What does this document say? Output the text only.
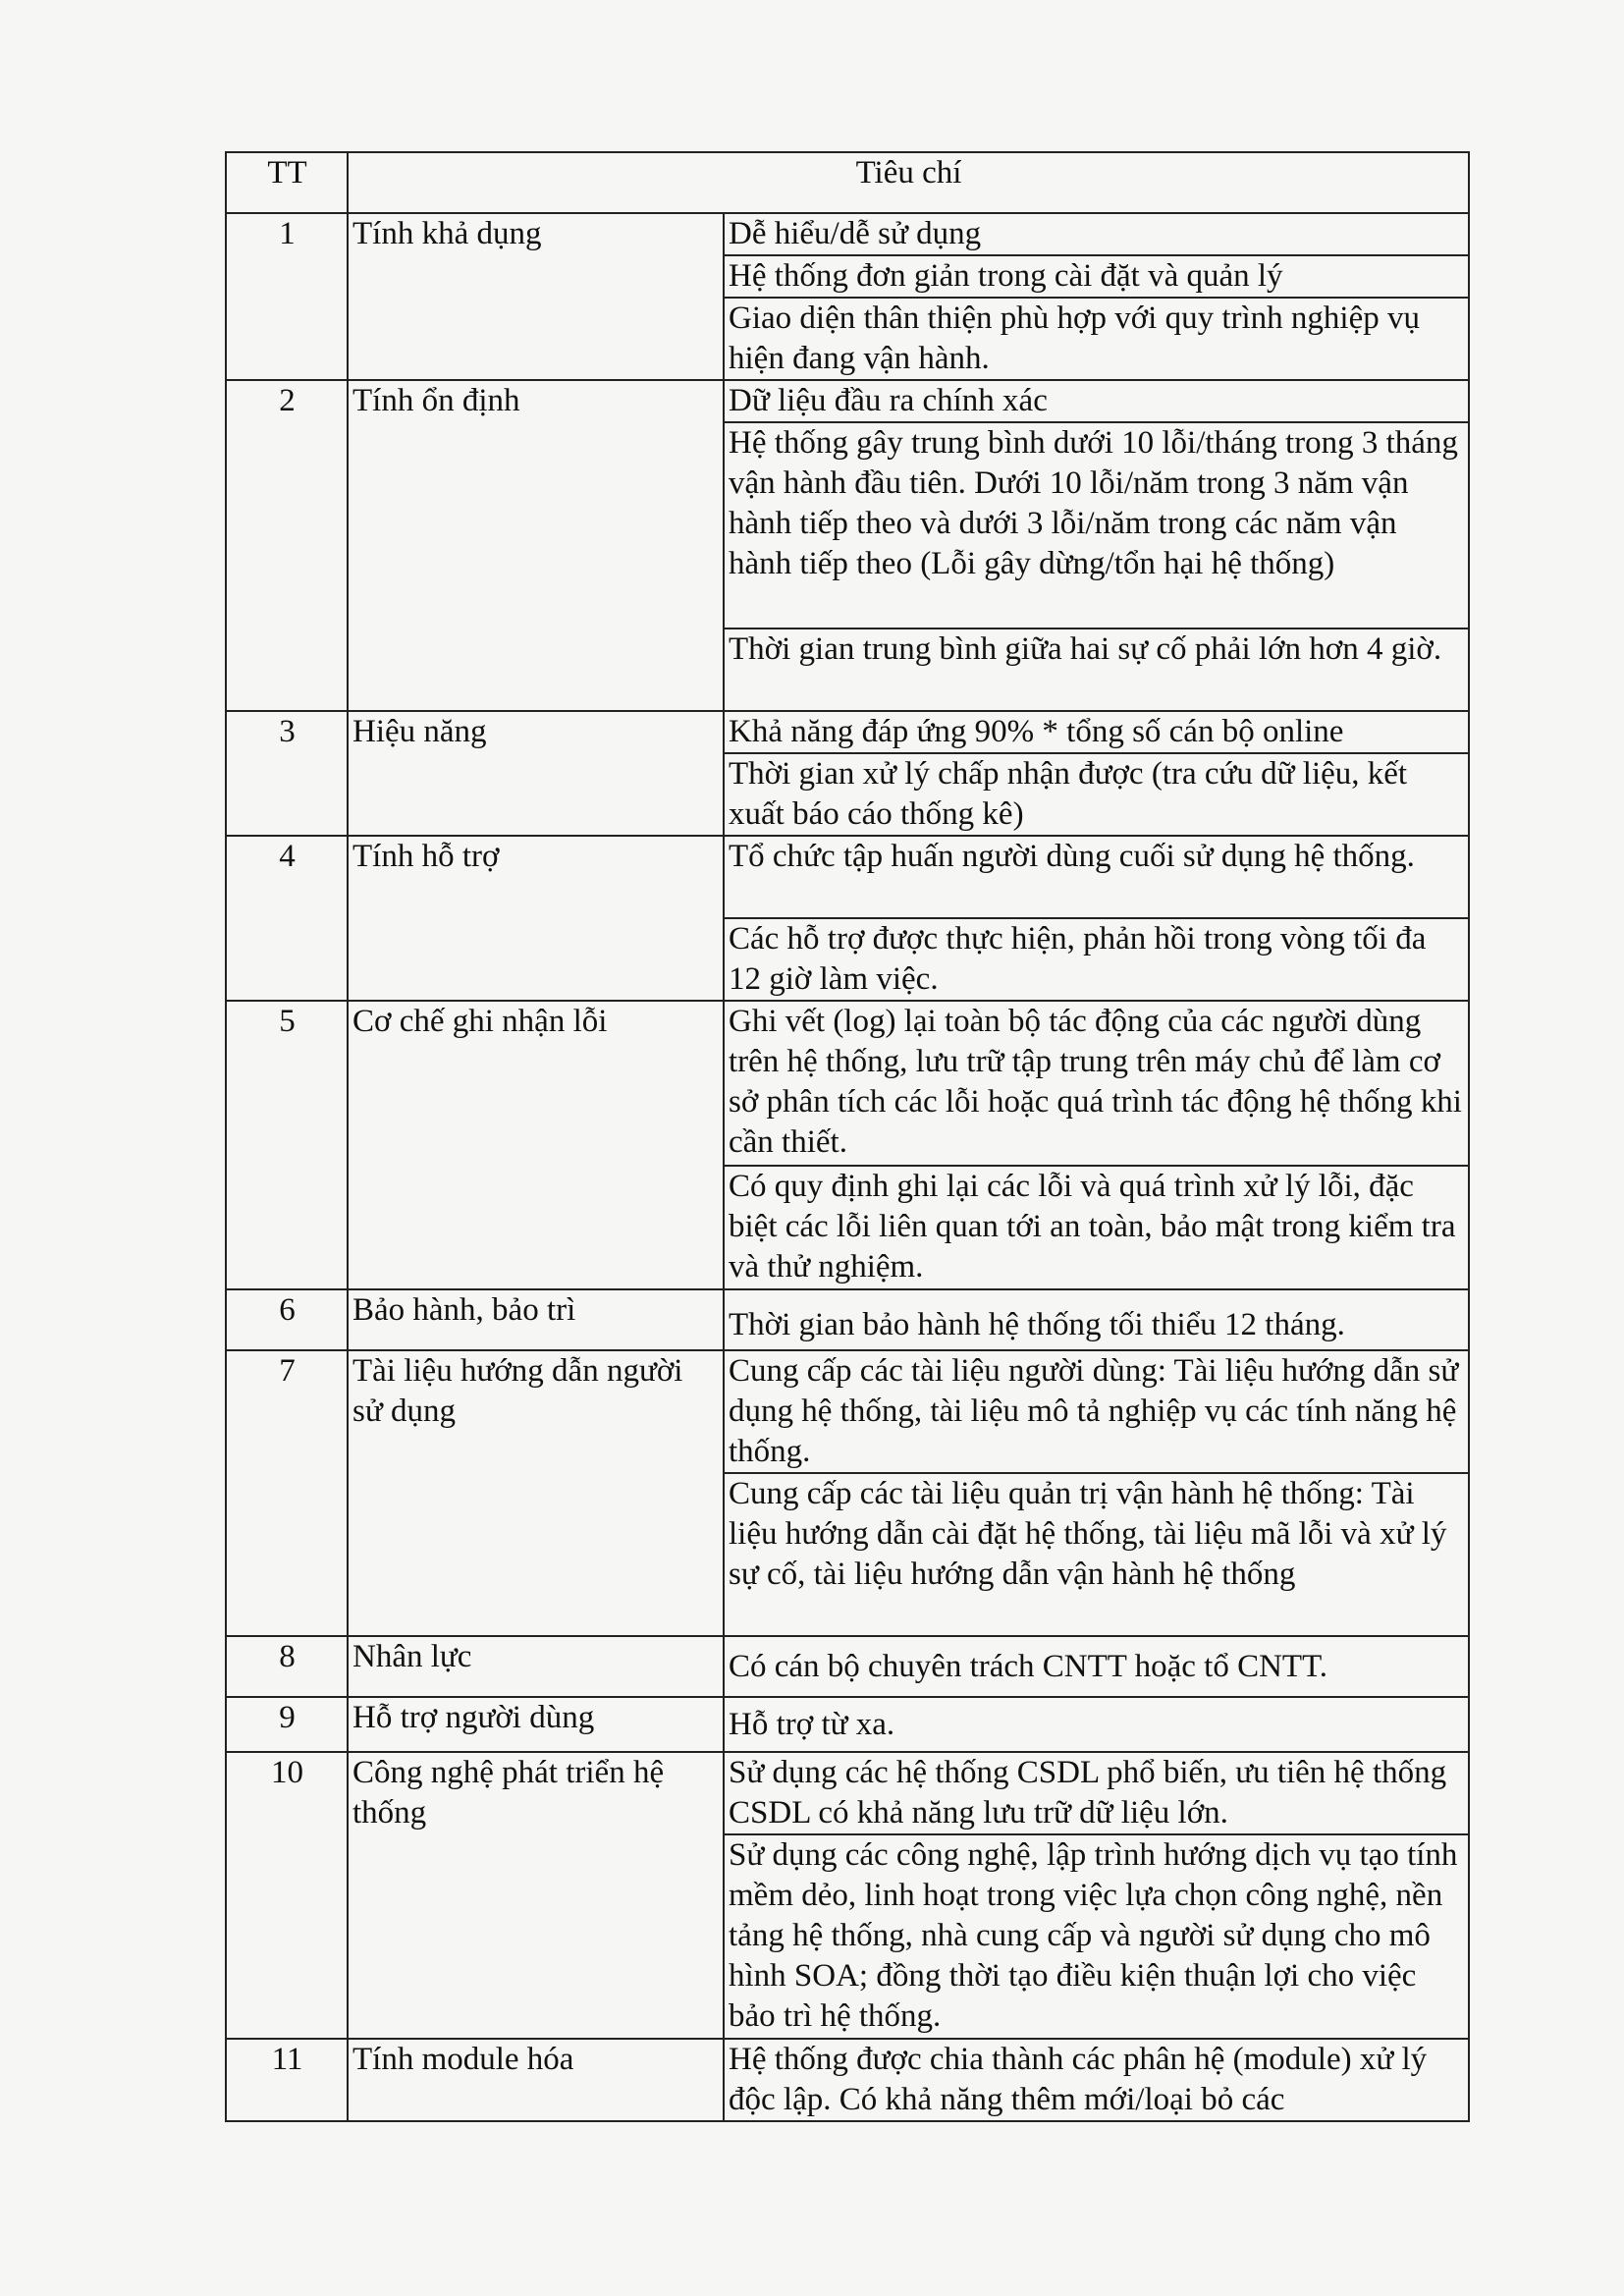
TT	Tiêu chí	
1	Tính khả dụng	Dễ hiểu/dễ sử dụng
		Hệ thống đơn giản trong cài đặt và quản lý
		Giao diện thân thiện phù hợp với quy trình nghiệp vụ hiện đang vận hành.
2	Tính ổn định	Dữ liệu đầu ra chính xác
		Hệ thống gây trung bình dưới 10 lỗi/tháng trong 3 tháng vận hành đầu tiên. Dưới 10 lỗi/năm trong 3 năm vận hành tiếp theo và dưới 3 lỗi/năm trong các năm vận hành tiếp theo (Lỗi gây dừng/tổn hại hệ thống)
		Thời gian trung bình giữa hai sự cố phải lớn hơn 4 giờ.
3	Hiệu năng	Khả năng đáp ứng 90% * tổng số cán bộ online
		Thời gian xử lý chấp nhận được (tra cứu dữ liệu, kết xuất báo cáo thống kê)
4	Tính hỗ trợ	Tổ chức tập huấn người dùng cuối sử dụng hệ thống.
		Các hỗ trợ được thực hiện, phản hồi trong vòng tối đa 12 giờ làm việc.
5	Cơ chế ghi nhận lỗi	Ghi vết (log) lại toàn bộ tác động của các người dùng trên hệ thống, lưu trữ tập trung trên máy chủ để làm cơ sở phân tích các lỗi hoặc quá trình tác động hệ thống khi cần thiết.
		Có quy định ghi lại các lỗi và quá trình xử lý lỗi, đặc biệt các lỗi liên quan tới an toàn, bảo mật trong kiểm tra và thử nghiệm.
6	Bảo hành, bảo trì	Thời gian bảo hành hệ thống tối thiểu 12 tháng.
7	Tài liệu hướng dẫn người sử dụng	Cung cấp các tài liệu người dùng: Tài liệu hướng dẫn sử dụng hệ thống, tài liệu mô tả nghiệp vụ các tính năng hệ thống.
		Cung cấp các tài liệu quản trị vận hành hệ thống: Tài liệu hướng dẫn cài đặt hệ thống, tài liệu mã lỗi và xử lý sự cố, tài liệu hướng dẫn vận hành hệ thống
8	Nhân lực	Có cán bộ chuyên trách CNTT hoặc tổ CNTT.
9	Hỗ trợ người dùng	Hỗ trợ từ xa.
10	Công nghệ phát triển hệ thống	Sử dụng các hệ thống CSDL phổ biến, ưu tiên hệ thống CSDL có khả năng lưu trữ dữ liệu lớn.
		Sử dụng các công nghệ, lập trình hướng dịch vụ tạo tính mềm dẻo, linh hoạt trong việc lựa chọn công nghệ, nền tảng hệ thống, nhà cung cấp và người sử dụng cho mô hình SOA; đồng thời tạo điều kiện thuận lợi cho việc bảo trì hệ thống.
11	Tính module hóa	Hệ thống được chia thành các phân hệ (module) xử lý độc lập. Có khả năng thêm mới/loại bỏ các
